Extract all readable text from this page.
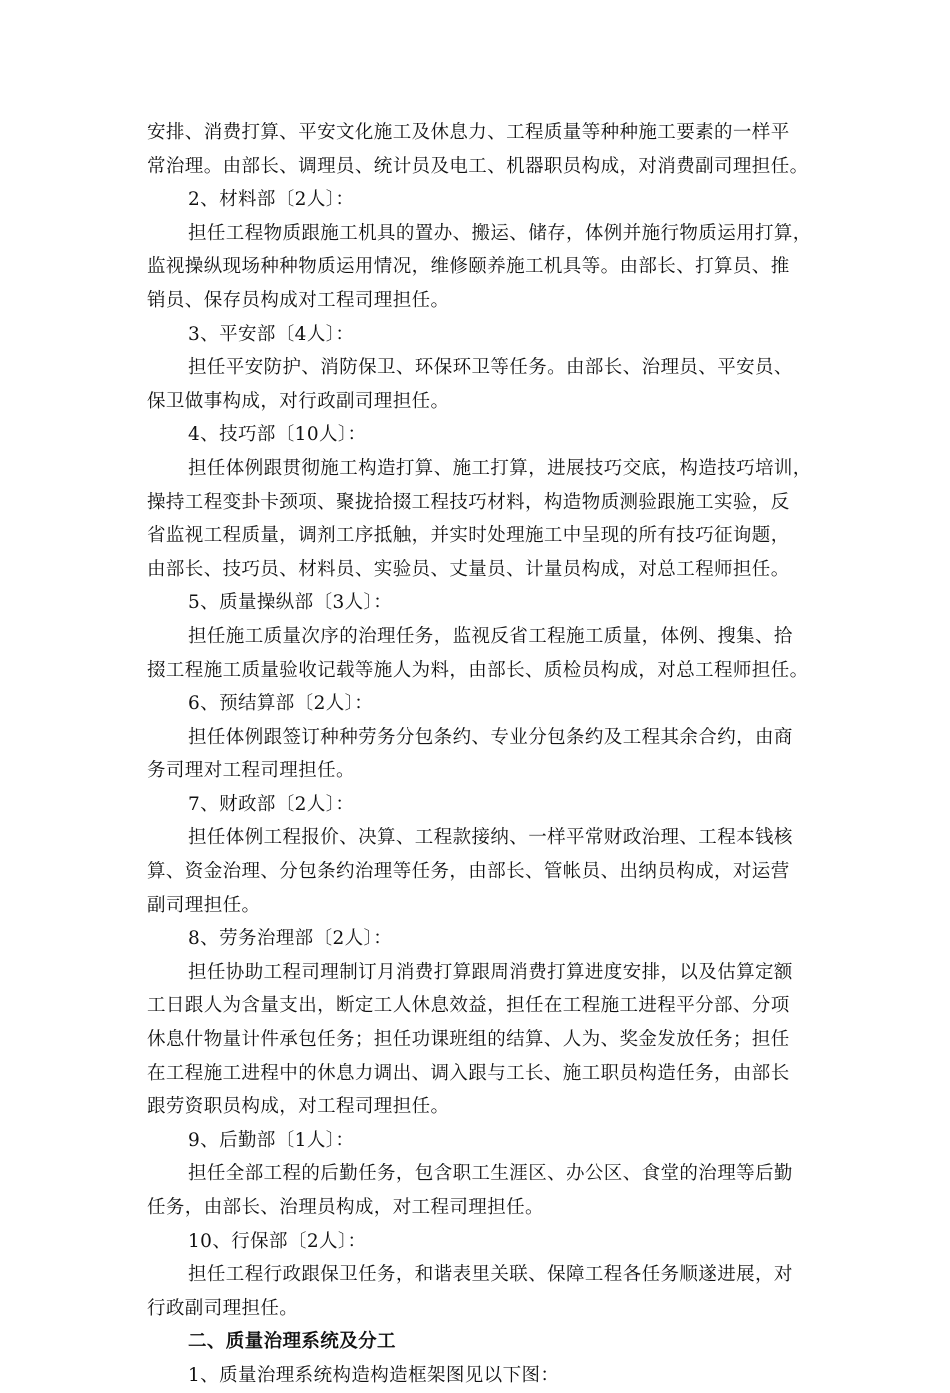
安排、消费打算、平安文化施工及休息力、工程质量等种种施工要素的一样平
常治理。由部长、调理员、统计员及电工、机器职员构成，对消费副司理担任。
2、材料部〔2人〕：
担任工程物质跟施工机具的置办、搬运、储存，体例并施行物质运用打算，
监视操纵现场种种物质运用情况，维修颐养施工机具等。由部长、打算员、推
销员、保存员构成对工程司理担任。
3、平安部〔4人〕：
担任平安防护、消防保卫、环保环卫等任务。由部长、治理员、平安员、
保卫做事构成，对行政副司理担任。
4、技巧部〔10人〕：
担任体例跟贯彻施工构造打算、施工打算，进展技巧交底，构造技巧培训，
操持工程变卦卡颈项、聚拢拾掇工程技巧材料，构造物质测验跟施工实验，反
省监视工程质量，调剂工序抵触，并实时处理施工中呈现的所有技巧征询题，
由部长、技巧员、材料员、实验员、丈量员、计量员构成，对总工程师担任。
5、质量操纵部〔3人〕：
担任施工质量次序的治理任务，监视反省工程施工质量，体例、搜集、拾
掇工程施工质量验收记载等施人为料，由部长、质检员构成，对总工程师担任。
6、预结算部〔2人〕：
担任体例跟签订种种劳务分包条约、专业分包条约及工程其余合约，由商
务司理对工程司理担任。
7、财政部〔2人〕：
担任体例工程报价、决算、工程款接纳、一样平常财政治理、工程本钱核
算、资金治理、分包条约治理等任务，由部长、管帐员、出纳员构成，对运营
副司理担任。
8、劳务治理部〔2人〕：
担任协助工程司理制订月消费打算跟周消费打算进度安排，以及估算定额
工日跟人为含量支出，断定工人休息效益，担任在工程施工进程平分部、分项
休息什物量计件承包任务；担任功课班组的结算、人为、奖金发放任务；担任
在工程施工进程中的休息力调出、调入跟与工长、施工职员构造任务，由部长
跟劳资职员构成，对工程司理担任。
9、后勤部〔1人〕：
担任全部工程的后勤任务，包含职工生涯区、办公区、食堂的治理等后勤
任务，由部长、治理员构成，对工程司理担任。
10、行保部〔2人〕：
担任工程行政跟保卫任务，和谐表里关联、保障工程各任务顺遂进展，对
行政副司理担任。
二、质量治理系统及分工
1、质量治理系统构造构造框架图见以下图：
